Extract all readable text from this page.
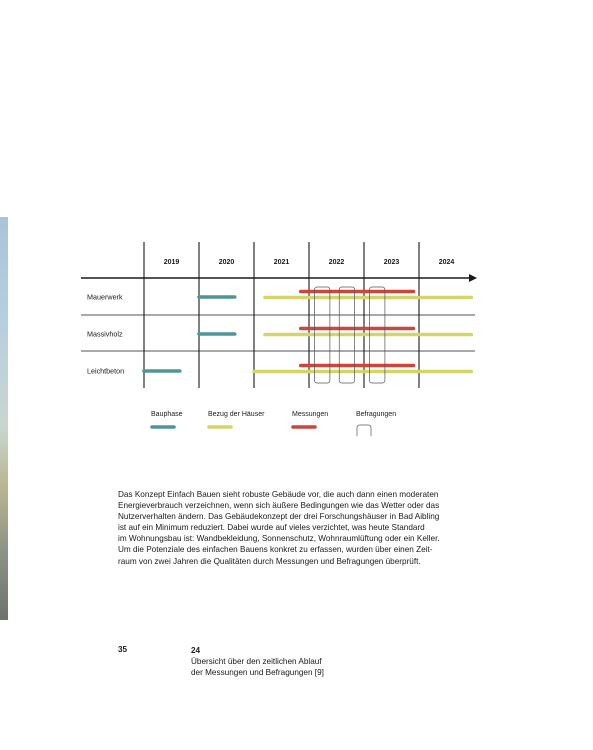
2019	2020	2021	2022	2023	2024
Mauerwerk
Massivholz
Leichtbeton
Bauphase	Bezug der Häuser	Messungen	Befragungen

Das Konzept Einfach Bauen sieht robuste Gebäude vor, die auch dann einen moderaten
Energieverbrauch verzeichnen, wenn sich äußere Bedingungen wie das Wetter oder das
Nutzerverhalten ändern. Das Gebäudekonzept der drei Forschungshäuser in Bad Aibling
ist auf ein Minimum reduziert. Dabei wurde auf vieles verzichtet, was heute Standard
im Wohnungsbau ist: Wandbekleidung, Sonnenschutz, Wohnraumlüftung oder ein Keller.
Um die Potenziale des einfachen Bauens konkret zu erfassen, wurden über einen Zeit-
raum von zwei Jahren die Qualitäten durch Messungen und Befragungen überprüft.

35	24
Übersicht über den zeitlichen Ablauf
der Messungen und Befragungen [9]
